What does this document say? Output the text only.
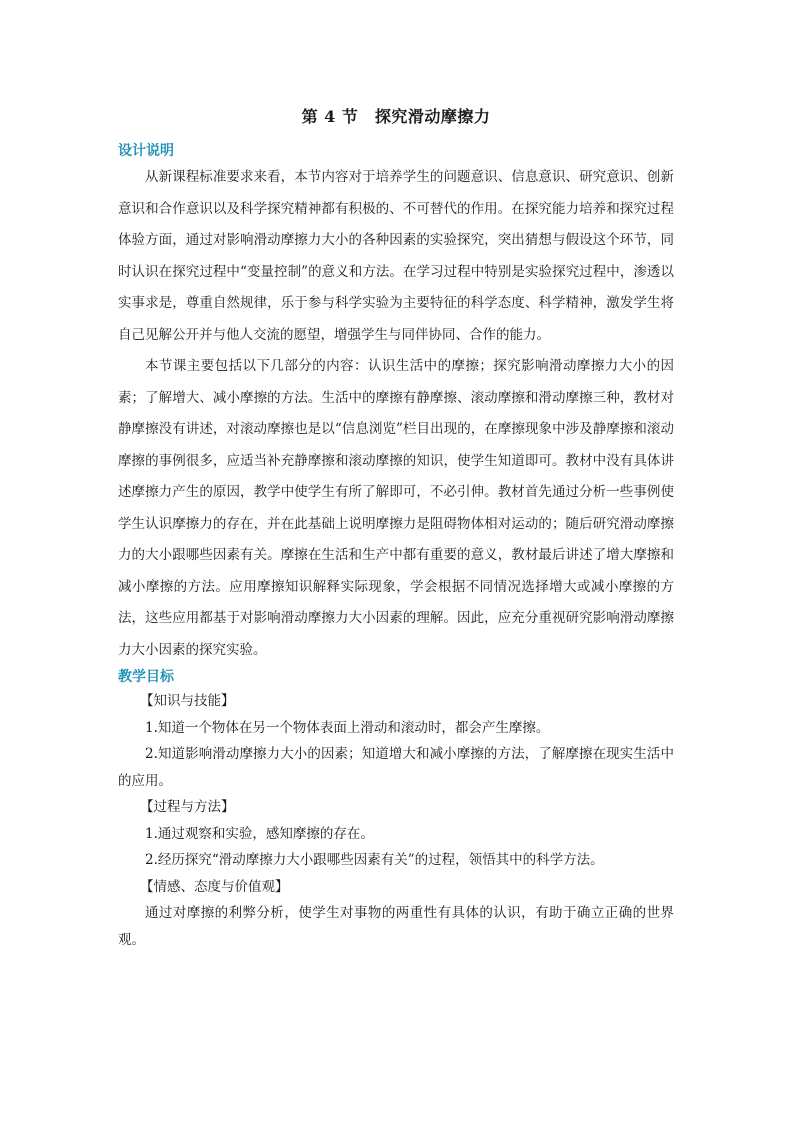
第 4 节　探究滑动摩擦力
设计说明

从新课程标准要求来看，本节内容对于培养学生的问题意识、信息意识、研究意识、创新意识和合作意识以及科学探究精神都有积极的、不可替代的作用。在探究能力培养和探究过程体验方面，通过对影响滑动摩擦力大小的各种因素的实验探究，突出猜想与假设这个环节，同时认识在探究过程中“变量控制”的意义和方法。在学习过程中特别是实验探究过程中，渗透以实事求是，尊重自然规律，乐于参与科学实验为主要特征的科学态度、科学精神，激发学生将自己见解公开并与他人交流的愿望，增强学生与同伴协同、合作的能力。

本节课主要包括以下几部分的内容：认识生活中的摩擦；探究影响滑动摩擦力大小的因素；了解增大、减小摩擦的方法。生活中的摩擦有静摩擦、滚动摩擦和滑动摩擦三种，教材对静摩擦没有讲述，对滚动摩擦也是以“信息浏览”栏目出现的，在摩擦现象中涉及静摩擦和滚动摩擦的事例很多，应适当补充静摩擦和滚动摩擦的知识，使学生知道即可。教材中没有具体讲述摩擦力产生的原因，教学中使学生有所了解即可，不必引伸。教材首先通过分析一些事例使学生认识摩擦力的存在，并在此基础上说明摩擦力是阻碍物体相对运动的；随后研究滑动摩擦力的大小跟哪些因素有关。摩擦在生活和生产中都有重要的意义，教材最后讲述了增大摩擦和减小摩擦的方法。应用摩擦知识解释实际现象，学会根据不同情况选择增大或减小摩擦的方法，这些应用都基于对影响滑动摩擦力大小因素的理解。因此，应充分重视研究影响滑动摩擦力大小因素的探究实验。

教学目标

【知识与技能】

1.知道一个物体在另一个物体表面上滑动和滚动时，都会产生摩擦。

2.知道影响滑动摩擦力大小的因素；知道增大和减小摩擦的方法，了解摩擦在现实生活中的应用。

【过程与方法】

1.通过观察和实验，感知摩擦的存在。

2.经历探究“滑动摩擦力大小跟哪些因素有关”的过程，领悟其中的科学方法。

【情感、态度与价值观】

通过对摩擦的利弊分析，使学生对事物的两重性有具体的认识，有助于确立正确的世界观。
